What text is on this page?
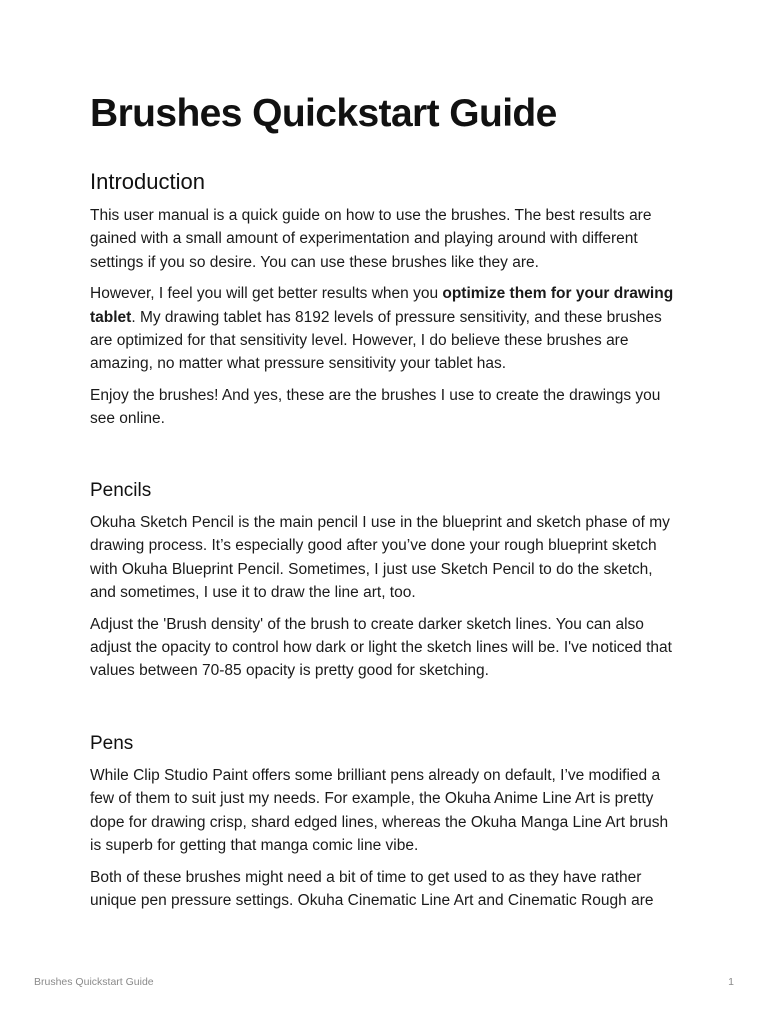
Brushes Quickstart Guide
Introduction

This user manual is a quick guide on how to use the brushes. The best results are gained with a small amount of experimentation and playing around with different settings if you so desire. You can use these brushes like they are.

However, I feel you will get better results when you optimize them for your drawing tablet. My drawing tablet has 8192 levels of pressure sensitivity, and these brushes are optimized for that sensitivity level. However, I do believe these brushes are amazing, no matter what pressure sensitivity your tablet has.

Enjoy the brushes! And yes, these are the brushes I use to create the drawings you see online.

Pencils

Okuha Sketch Pencil is the main pencil I use in the blueprint and sketch phase of my drawing process. It’s especially good after you’ve done your rough blueprint sketch with Okuha Blueprint Pencil. Sometimes, I just use Sketch Pencil to do the sketch, and sometimes, I use it to draw the line art, too.

Adjust the 'Brush density' of the brush to create darker sketch lines. You can also adjust the opacity to control how dark or light the sketch lines will be. I've noticed that values between 70-85 opacity is pretty good for sketching.

Pens

While Clip Studio Paint offers some brilliant pens already on default, I’ve modified a few of them to suit just my needs. For example, the Okuha Anime Line Art is pretty dope for drawing crisp, shard edged lines, whereas the Okuha Manga Line Art brush is superb for getting that manga comic line vibe.

Both of these brushes might need a bit of time to get used to as they have rather unique pen pressure settings. Okuha Cinematic Line Art and Cinematic Rough are

Brushes Quickstart Guide	1
